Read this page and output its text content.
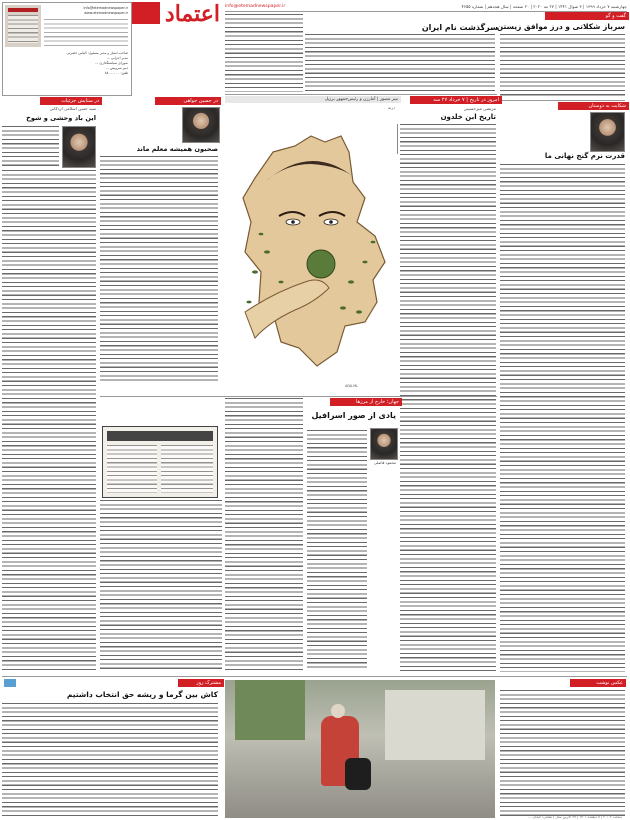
info@etemadnewspaper.ir
www.etemadnewspaper.ir
صاحب امتیاز و مدیر مسئول: الیاس حضرتی
مدیر اجرایی ...
شورای سیاستگذاری ...
دبیر سرویس ...
تلفن: ۸۸۰۰۰۰۰۰
اعتماد	چهارشنبه ۷ خرداد ۱۳۹۹ | ۳ شوال ۱۴۴۱ | ۲۷ مه ۲۰۲۰ | ۲۰ صفحه | سال هجدهم | شماره ۴۶۵۵
info@etemadnewspaper.ir
گفت و گو
سرباز شکلاتی و درز موافق زیستن
شکایت به دوستان
قدرت نرم گنج نهانی ما
سرگذشت نام ایران
امروز در تاریخ | ۷ خرداد ۲۷ سه
مرتضی میرحسینی
تاریخ ابن خلدون
تیتر مصور | آمارزن و رئیس‌جمهور برزیل
درنه
ADA.ML
در حسین جواهی
صحبون همیشه معلم ماند
در ستایش جزئیات
سید حسن اسلامی اردکانی
این باد وحشی و شوخ
جهان؛ خارج از مرزها
یادی از صور اسرافیل
محمود فاضلی
مشترک روز
کاش بین گرما و ریشه حق انتخاب داشتیم
عکس نوشت
ساعت ۲۰:۰۳ | ۸ ذیقعده ۱۴۰۱ | ۲۷ آخرین سال | نشانی: خیابان ...
